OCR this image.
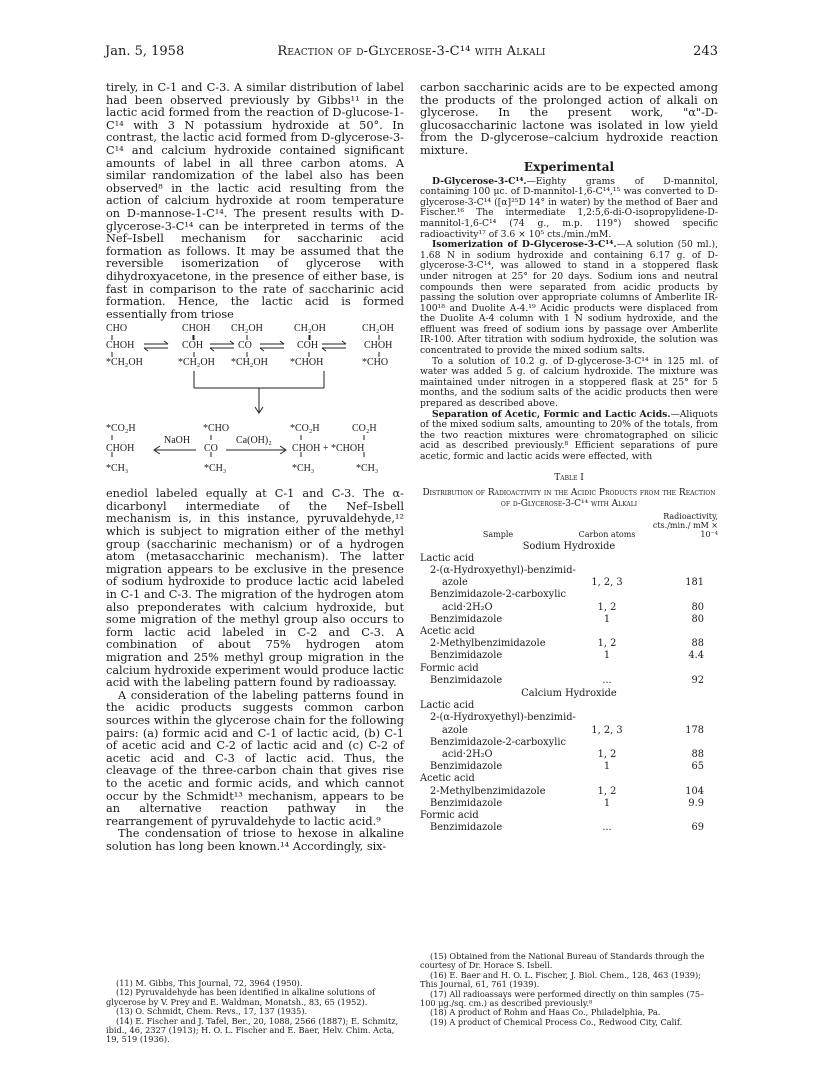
Jan. 5, 1958	Reaction of d-Glycerose-3-C¹⁴ with Alkali	243

tirely, in C-1 and C-3. A similar distribution of label had been observed previously by Gibbs¹¹ in the lactic acid formed from the reaction of D-glucose-1-C¹⁴ with 3 N potassium hydroxide at 50°. In contrast, the lactic acid formed from D-glycerose-3-C¹⁴ and calcium hydroxide contained significant amounts of label in all three carbon atoms. A similar randomization of the label also has been observed⁸ in the lactic acid resulting from the action of calcium hydroxide at room temperature on D-mannose-1-C¹⁴. The present results with D-glycerose-3-C¹⁴ can be interpreted in terms of the Nef–Isbell mechanism for saccharinic acid formation as follows. It may be assumed that the reversible isomerization of glycerose with dihydroxyacetone, in the presence of either base, is fast in comparison to the rate of saccharinic acid formation. Hence, the lactic acid is formed essentially from triose

CHO	CHOH CH₂OH	CH₂OH	CH₂OH
CHOH	COH	CO	COH	CHOH
*CH₂OH	*CH₂OH *CH₂OH *CHOH	*CHO
*CO₂H	*CHO	*CO₂H	CO₂H
NaOH	Ca(OH)₂
CHOH	CO	CHOH + *CHOH
*CH₃	*CH₃	*CH₃	*CH₃

enediol labeled equally at C-1 and C-3. The α-dicarbonyl intermediate of the Nef–Isbell mechanism is, in this instance, pyruvaldehyde,¹² which is subject to migration either of the methyl group (saccharinic mechanism) or of a hydrogen atom (metasaccharinic mechanism). The latter migration appears to be exclusive in the presence of sodium hydroxide to produce lactic acid labeled in C-1 and C-3. The migration of the hydrogen atom also preponderates with calcium hydroxide, but some migration of the methyl group also occurs to form lactic acid labeled in C-2 and C-3. A combination of about 75% hydrogen atom migration and 25% methyl group migration in the calcium hydroxide experiment would produce lactic acid with the labeling pattern found by radioassay.

A consideration of the labeling patterns found in the acidic products suggests common carbon sources within the glycerose chain for the following pairs: (a) formic acid and C-1 of lactic acid, (b) C-1 of acetic acid and C-2 of lactic acid and (c) C-2 of acetic acid and C-3 of lactic acid. Thus, the cleavage of the three-carbon chain that gives rise to the acetic and formic acids, and which cannot occur by the Schmidt¹³ mechanism, appears to be an alternative reaction pathway in the rearrangement of pyruvaldehyde to lactic acid.⁹

The condensation of triose to hexose in alkaline solution has long been known.¹⁴ Accordingly, six-

carbon saccharinic acids are to be expected among the products of the prolonged action of alkali on glycerose. In the present work, "α"-D-glucosaccharinic lactone was isolated in low yield from the D-glycerose–calcium hydroxide reaction mixture.

Experimental

D-Glycerose-3-C¹⁴.—Eighty grams of D-mannitol, containing 100 μc. of D-mannitol-1,6-C¹⁴,¹⁵ was converted to D-glycerose-3-C¹⁴ ([α]²⁵D 14° in water) by the method of Baer and Fischer.¹⁶ The intermediate 1,2:5,6-di-O-isopropylidene-D-mannitol-1,6-C¹⁴ (74 g., m.p. 119°) showed specific radioactivity¹⁷ of 3.6 × 10⁵ cts./min./mM.

Isomerization of D-Glycerose-3-C¹⁴.—A solution (50 ml.), 1.68 N in sodium hydroxide and containing 6.17 g. of D-glycerose-3-C¹⁴, was allowed to stand in a stoppered flask under nitrogen at 25° for 20 days. Sodium ions and neutral compounds then were separated from acidic products by passing the solution over appropriate columns of Amberlite IR-100¹⁸ and Duolite A-4.¹⁹ Acidic products were displaced from the Duolite A-4 column with 1 N sodium hydroxide, and the effluent was freed of sodium ions by passage over Amberlite IR-100. After titration with sodium hydroxide, the solution was concentrated to provide the mixed sodium salts.

To a solution of 10.2 g. of D-glycerose-3-C¹⁴ in 125 ml. of water was added 5 g. of calcium hydroxide. The mixture was maintained under nitrogen in a stoppered flask at 25° for 5 months, and the sodium salts of the acidic products then were prepared as described above.

Separation of Acetic, Formic and Lactic Acids.—Aliquots of the mixed sodium salts, amounting to 20% of the totals, from the two reaction mixtures were chromatographed on silicic acid as described previously.⁸ Efficient separations of pure acetic, formic and lactic acids were effected, with

Table I
Distribution of Radioactivity in the Acidic Products from the Reaction of d-Glycerose-3-C¹⁴ with Alkali
Sample	Carbon atoms	Radioactivity, cts./min./ mM × 10⁻⁴
Sodium Hydroxide		
Lactic acid		
2-(α-Hydroxyethyl)-benzimid-		
azole	1, 2, 3	181
Benzimidazole-2-carboxylic		
acid·2H₂O	1, 2	80
Benzimidazole	1	80
Acetic acid		
2-Methylbenzimidazole	1, 2	88
Benzimidazole	1	4.4
Formic acid		
Benzimidazole	...	92
Calcium Hydroxide		
Lactic acid		
2-(α-Hydroxyethyl)-benzimid-		
azole	1, 2, 3	178
Benzimidazole-2-carboxylic		
acid·2H₂O	1, 2	88
Benzimidazole	1	65
Acetic acid		
2-Methylbenzimidazole	1, 2	104
Benzimidazole	1	9.9
Formic acid		
Benzimidazole	...	69

(11) M. Gibbs, This Journal, 72, 3964 (1950).

(12) Pyruvaldehyde has been identified in alkaline solutions of glycerose by V. Prey and E. Waldman, Monatsh., 83, 65 (1952).

(13) O. Schmidt, Chem. Revs., 17, 137 (1935).

(14) E. Fischer and J. Tafel, Ber., 20, 1088, 2566 (1887); E. Schmitz, ibid., 46, 2327 (1913); H. O. L. Fischer and E. Baer, Helv. Chim. Acta, 19, 519 (1936).

(15) Obtained from the National Bureau of Standards through the courtesy of Dr. Horace S. Isbell.

(16) E. Baer and H. O. L. Fischer, J. Biol. Chem., 128, 463 (1939); This Journal, 61, 761 (1939).

(17) All radioassays were performed directly on thin samples (75–100 μg./sq. cm.) as described previously.⁸

(18) A product of Rohm and Haas Co., Philadelphia, Pa.

(19) A product of Chemical Process Co., Redwood City, Calif.
